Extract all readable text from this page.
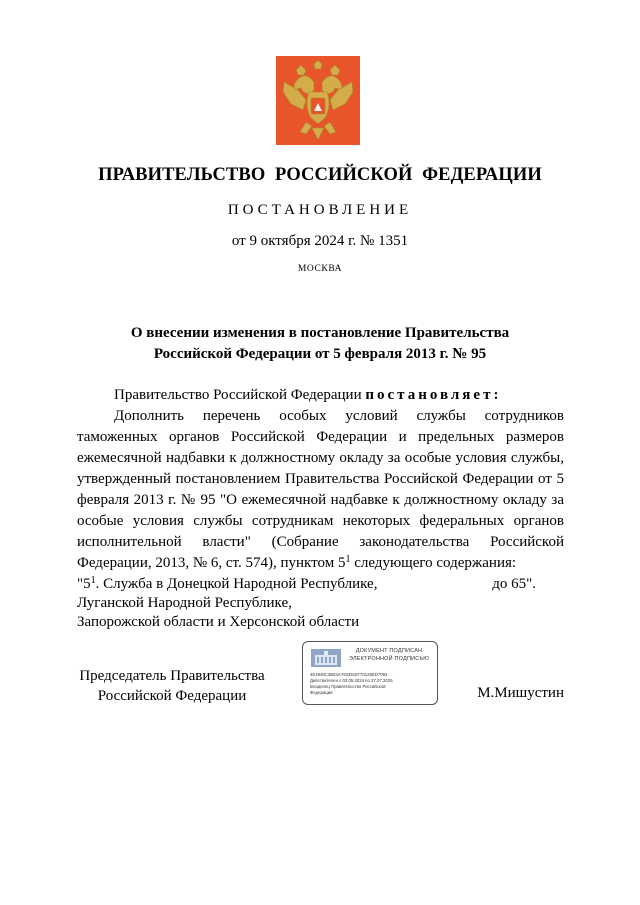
ПРАВИТЕЛЬСТВО РОССИЙСКОЙ ФЕДЕРАЦИИ
ПОСТАНОВЛЕНИЕ
от 9 октября 2024 г. № 1351
МОСКВА
О внесении изменения в постановление Правительства
Российской Федерации от 5 февраля 2013 г. № 95
Правительство Российской Федерации постановляет:
Дополнить перечень особых условий службы сотрудников таможенных органов Российской Федерации и предельных размеров ежемесячной надбавки к должностному окладу за особые условия службы, утвержденный постановлением Правительства Российской Федерации от 5 февраля 2013 г. № 95 "О ежемесячной надбавке к должностному окладу за особые условия службы сотрудникам некоторых федеральных органов исполнительной власти" (Собрание законодательства Российской Федерации, 2013, № 6, ст. 574), пунктом $5^1$ следующего содержания:
"$5^1$. Служба в Донецкой Народной Республике,	до 65".
Луганской Народной Республике,
Запорожской области и Херсонской области
Председатель Правительства
Российской Федерации
ДОКУМЕНТ ПОДПИСАН
ЭЛЕКТРОННОЙ ПОДПИСЬЮ
4E4848C2B84A7933918770126ED7092
Действителен с 03.05.2024 по 27.07.2025
Владелец Правительство Российской
Федерации	М.Мишустин
